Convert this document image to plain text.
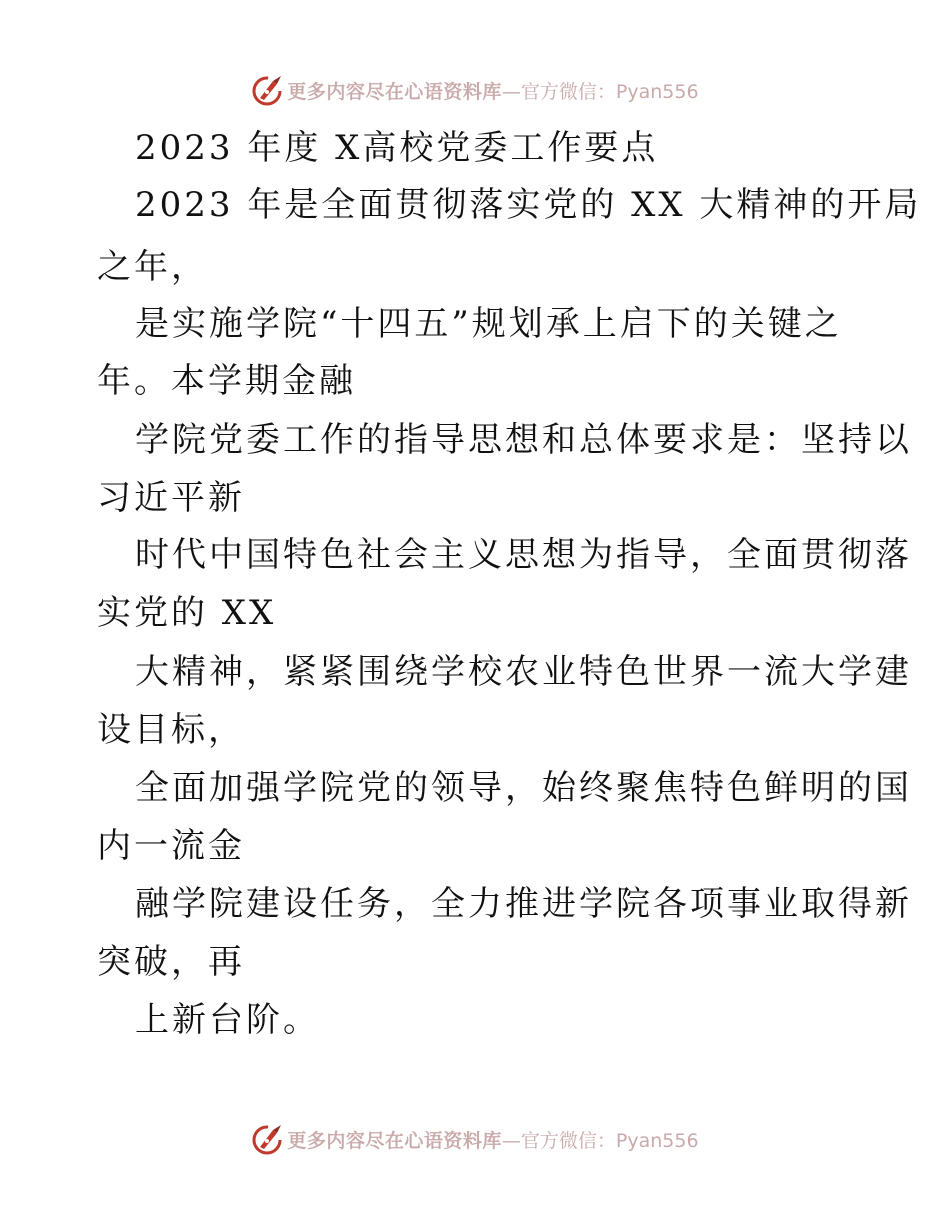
更多内容尽在心语资料库 —官方微信：Pyan556
2023 年度 X高校党委工作要点
2023 年是全面贯彻落实党的 XX 大精神的开局
之年，
是实施学院“十四五”规划承上启下的关键之
年。本学期金融
学院党委工作的指导思想和总体要求是：坚持以
习近平新
时代中国特色社会主义思想为指导，全面贯彻落
实党的 XX
大精神，紧紧围绕学校农业特色世界一流大学建
设目标，
全面加强学院党的领导，始终聚焦特色鲜明的国
内一流金
融学院建设任务，全力推进学院各项事业取得新
突破，再
上新台阶。
更多内容尽在心语资料库 —官方微信：Pyan556
